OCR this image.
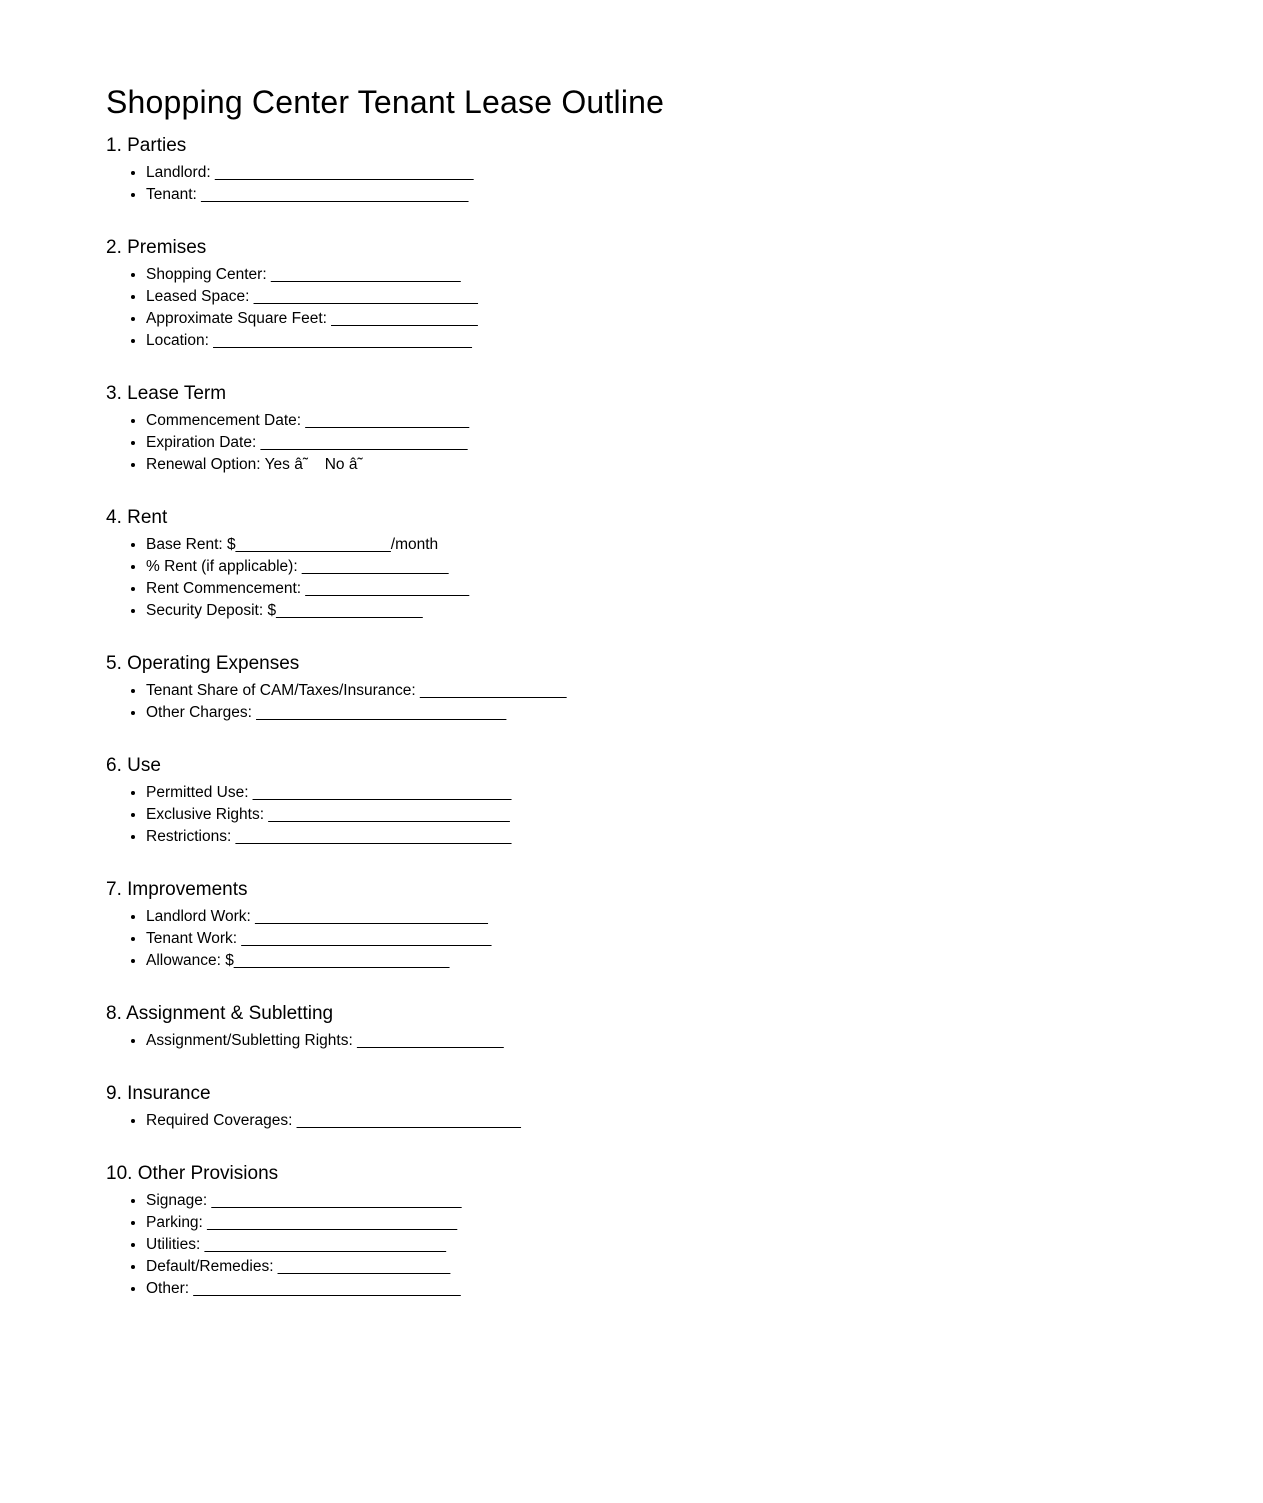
Shopping Center Tenant Lease Outline
1. Parties
• Landlord: ______________________________
• Tenant: _______________________________
2. Premises
• Shopping Center: ______________________
• Leased Space: __________________________
• Approximate Square Feet: _________________
• Location: ______________________________
3. Lease Term
• Commencement Date: ___________________
• Expiration Date: ________________________
• Renewal Option: Yes â˜ No â˜
4. Rent
• Base Rent: $__________________/month
• % Rent (if applicable): _________________
• Rent Commencement: ___________________
• Security Deposit: $_________________
5. Operating Expenses
• Tenant Share of CAM/Taxes/Insurance: _________________
• Other Charges: _____________________________
6. Use
• Permitted Use: ______________________________
• Exclusive Rights: ____________________________
• Restrictions: ________________________________
7. Improvements
• Landlord Work: ___________________________
• Tenant Work: _____________________________
• Allowance: $_________________________
8. Assignment & Subletting
• Assignment/Subletting Rights: _________________
9. Insurance
• Required Coverages: __________________________
10. Other Provisions
• Signage: _____________________________
• Parking: _____________________________
• Utilities: ____________________________
• Default/Remedies: ____________________
• Other: _______________________________
